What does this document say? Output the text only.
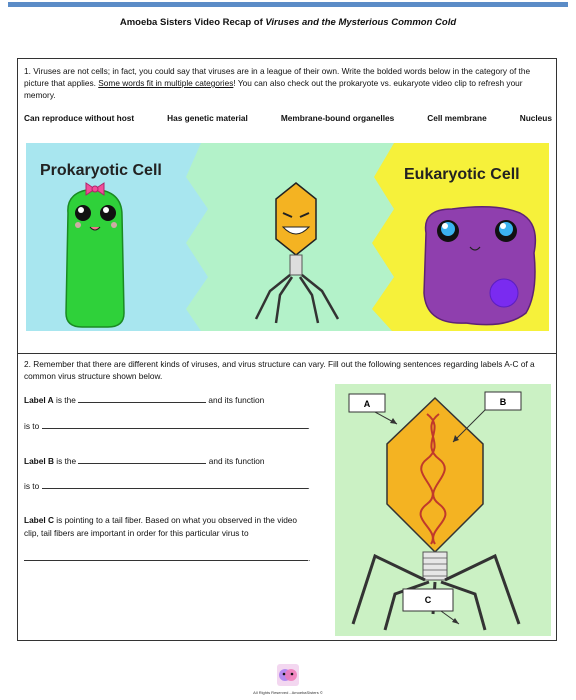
Amoeba Sisters Video Recap of Viruses and the Mysterious Common Cold
1. Viruses are not cells; in fact, you could say that viruses are in a league of their own. Write the bolded words below in the category of the picture that applies. Some words fit in multiple categories! You can also check out the prokaryote vs. eukaryote video clip to refresh your memory.
Can reproduce without host	Has genetic material	Membrane-bound organelles	Cell membrane	Nucleus
Prokaryotic Cell	Eukaryotic Cell
2. Remember that there are different kinds of viruses, and virus structure can vary. Fill out the following sentences regarding labels A-C of a common virus structure shown below.
Label A is the	and its function
is to	.
Label B is the	and its function
is to	.
Label C is pointing to a tail fiber. Based on what you observed in the video clip, tail fibers are important in order for this particular virus to
.
A	B
C
All Rights Reserved - AmoebaSisters ©
